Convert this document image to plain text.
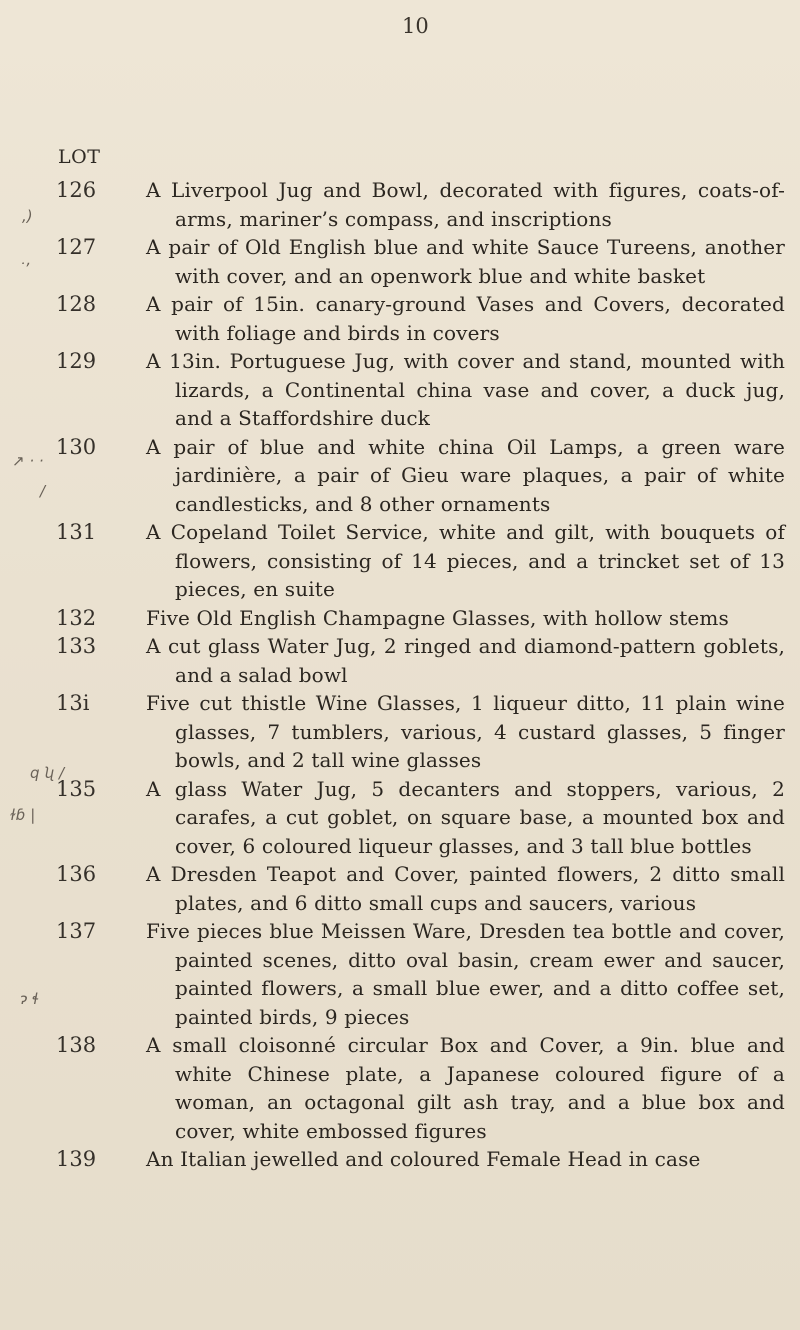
10
LOT
,)
˙ʼ
↗ · ·
/
q ʯ /
ɫɓ |
ɂ ɬ
126	A Liverpool Jug and Bowl, decorated with figures, coats-of-arms, mariner’s compass, and inscriptions
127	A pair of Old English blue and white Sauce Tureens, another with cover, and an openwork blue and white basket
128	A pair of 15in. canary-ground Vases and Covers, decorated with foliage and birds in covers
129	A 13in. Portuguese Jug, with cover and stand, mounted with lizards, a Continental china vase and cover, a duck jug, and a Staffordshire duck
130	A pair of blue and white china Oil Lamps, a green ware jardinière, a pair of Gieu ware plaques, a pair of white candlesticks, and 8 other ornaments
131	A Copeland Toilet Service, white and gilt, with bouquets of flowers, consisting of 14 pieces, and a trincket set of 13 pieces, en suite
132	Five Old English Champagne Glasses, with hollow stems
133	A cut glass Water Jug, 2 ringed and diamond-pattern goblets, and a salad bowl
13i	Five cut thistle Wine Glasses, 1 liqueur ditto, 11 plain wine glasses, 7 tumblers, various, 4 custard glasses, 5 finger bowls, and 2 tall wine glasses
135	A glass Water Jug, 5 decanters and stoppers, various, 2 carafes, a cut goblet, on square base, a mounted box and cover, 6 coloured liqueur glasses, and 3 tall blue bottles
136	A Dresden Teapot and Cover, painted flowers, 2 ditto small plates, and 6 ditto small cups and saucers, various
137	Five pieces blue Meissen Ware, Dresden tea bottle and cover, painted scenes, ditto oval basin, cream ewer and saucer, painted flowers, a small blue ewer, and a ditto coffee set, painted birds, 9 pieces
138	A small cloisonné circular Box and Cover, a 9in. blue and white Chinese plate, a Japanese coloured figure of a woman, an octagonal gilt ash tray, and a blue box and cover, white embossed figures
139	An Italian jewelled and coloured Female Head in case
